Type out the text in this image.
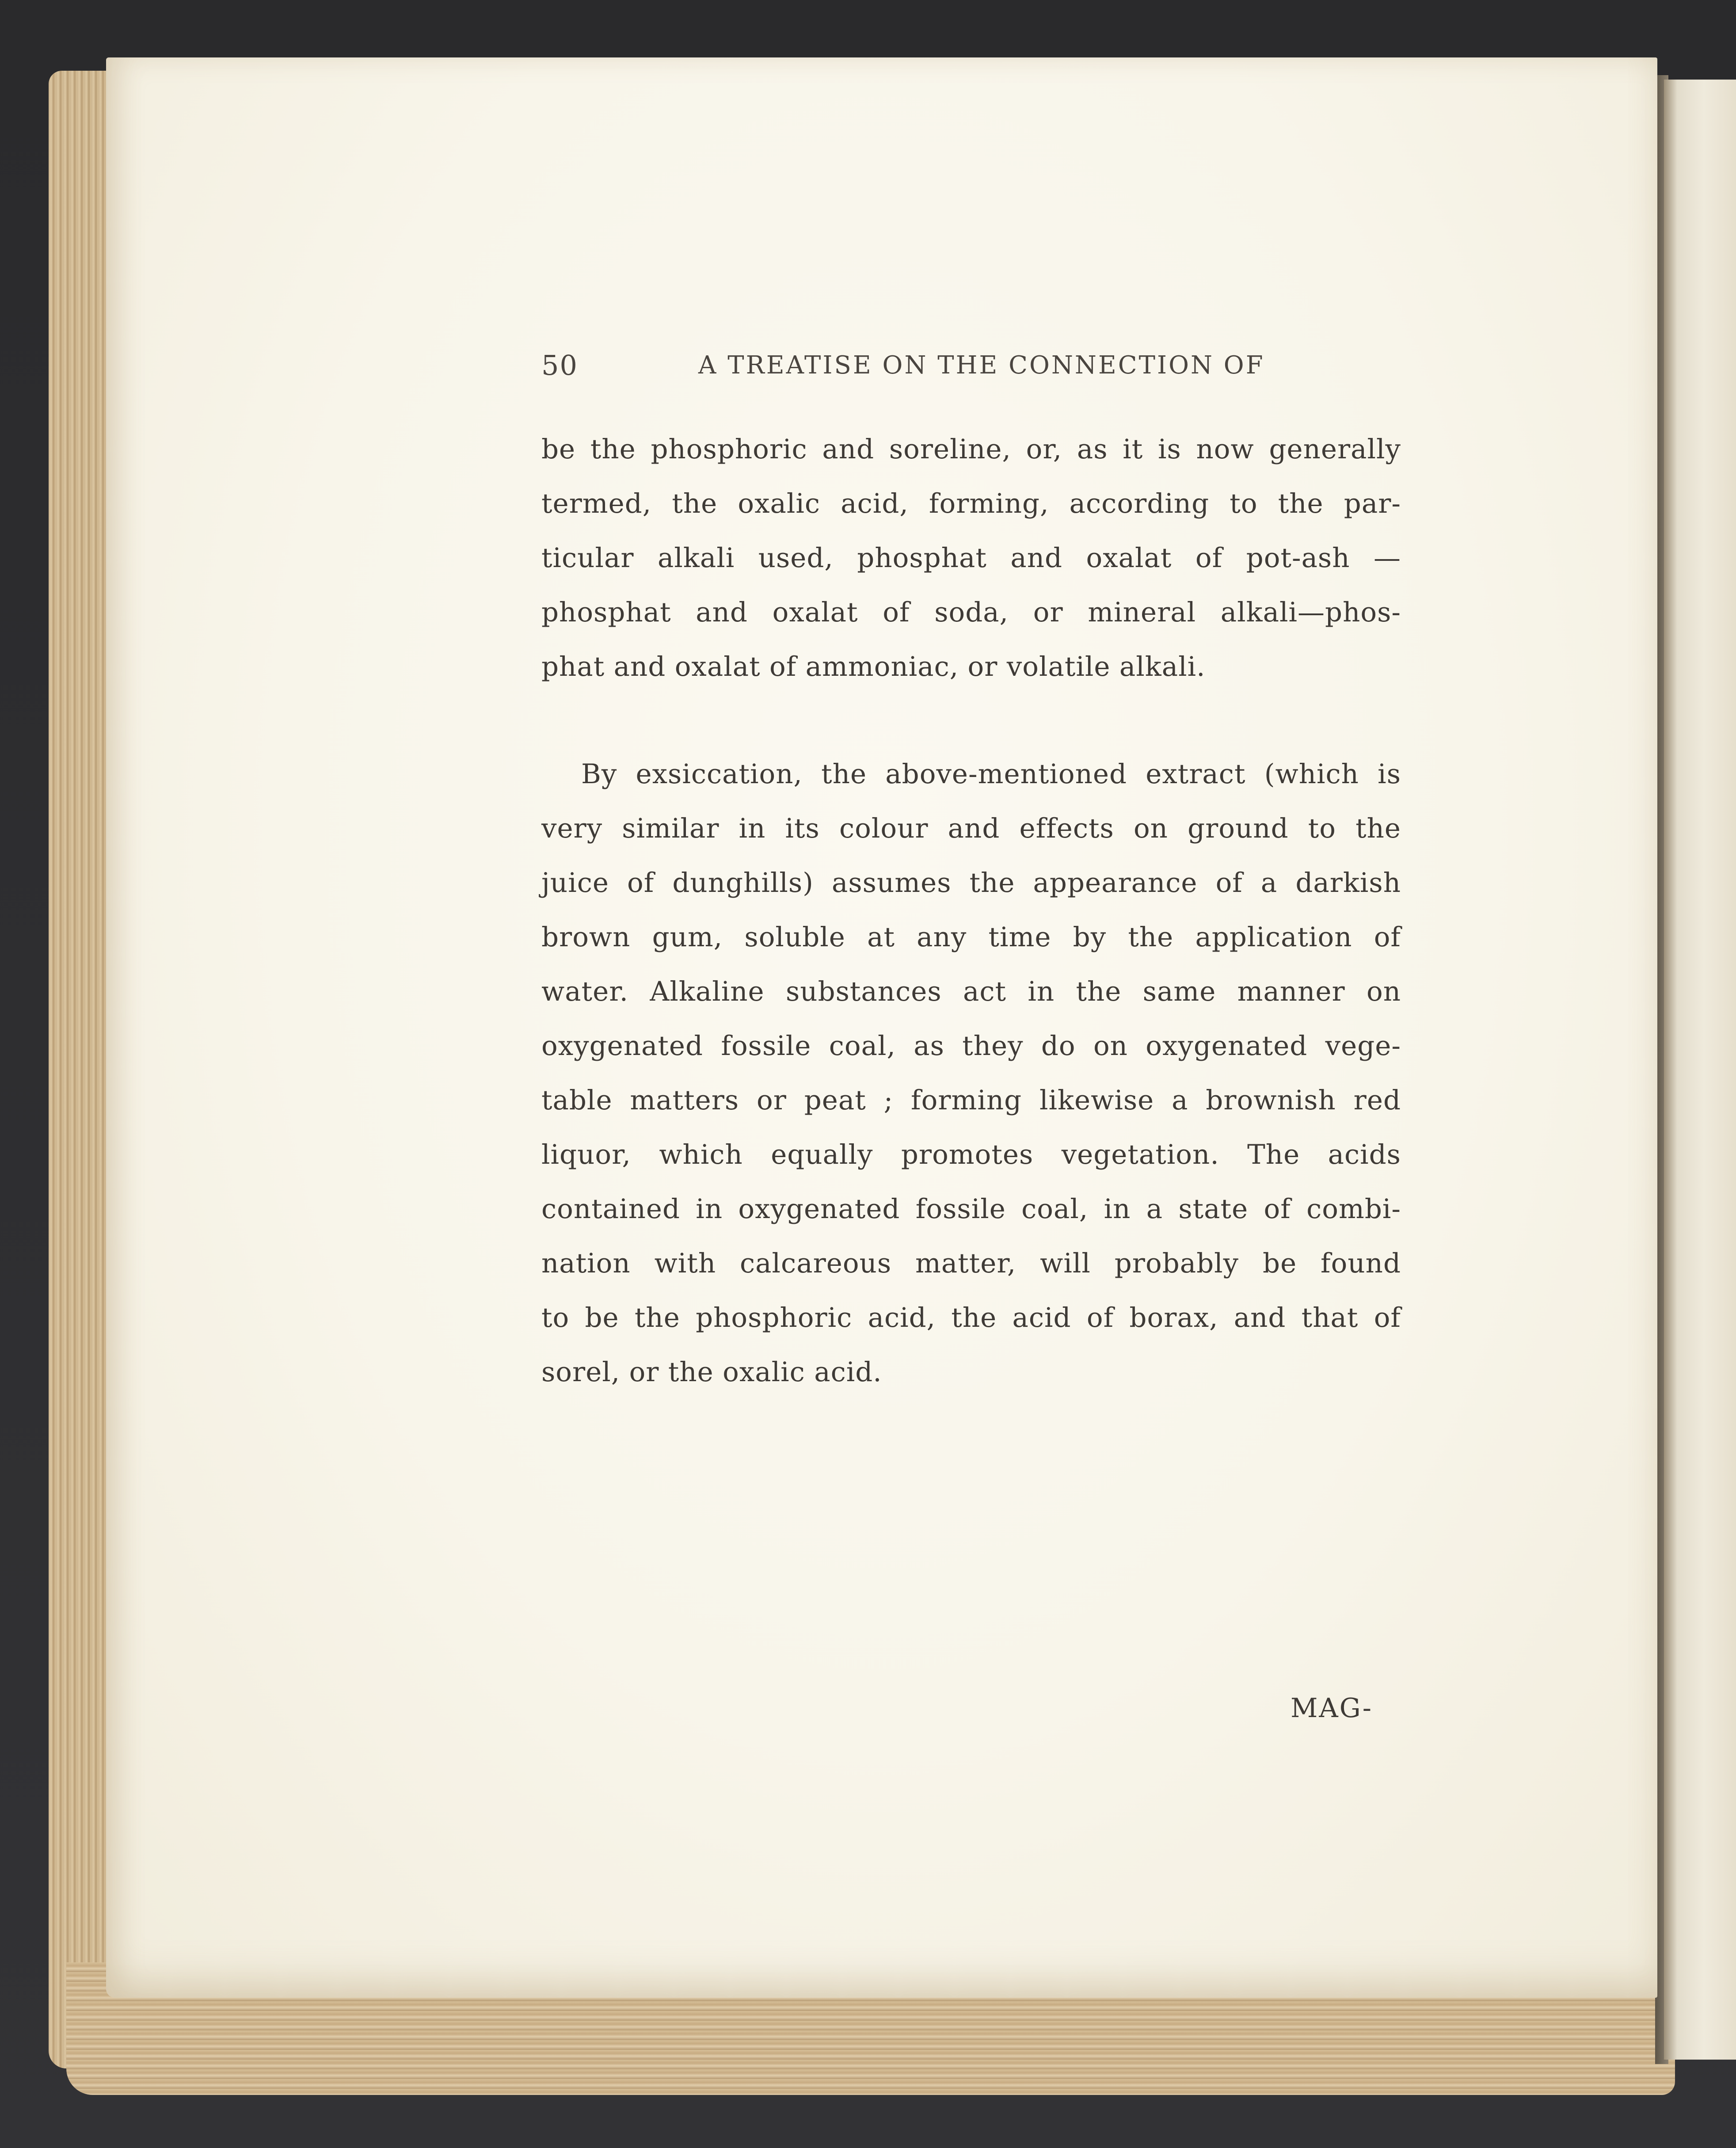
50	A TREATISE ON THE CONNECTION OF
be the phosphoric and soreline, or, as it is now generally
termed, the oxalic acid, forming, according to the par-
ticular alkali used, phosphat and oxalat of pot-ash —
phosphat and oxalat of soda, or mineral alkali—phos-
phat and oxalat of ammoniac, or volatile alkali.
By exsiccation, the above-mentioned extract (which is
very similar in its colour and effects on ground to the
juice of dunghills) assumes the appearance of a darkish
brown gum, soluble at any time by the application of
water. Alkaline substances act in the same manner on
oxygenated fossile coal, as they do on oxygenated vege-
table matters or peat ; forming likewise a brownish red
liquor, which equally promotes vegetation. The acids
contained in oxygenated fossile coal, in a state of combi-
nation with calcareous matter, will probably be found
to be the phosphoric acid, the acid of borax, and that of
sorel, or the oxalic acid.
MAG-
